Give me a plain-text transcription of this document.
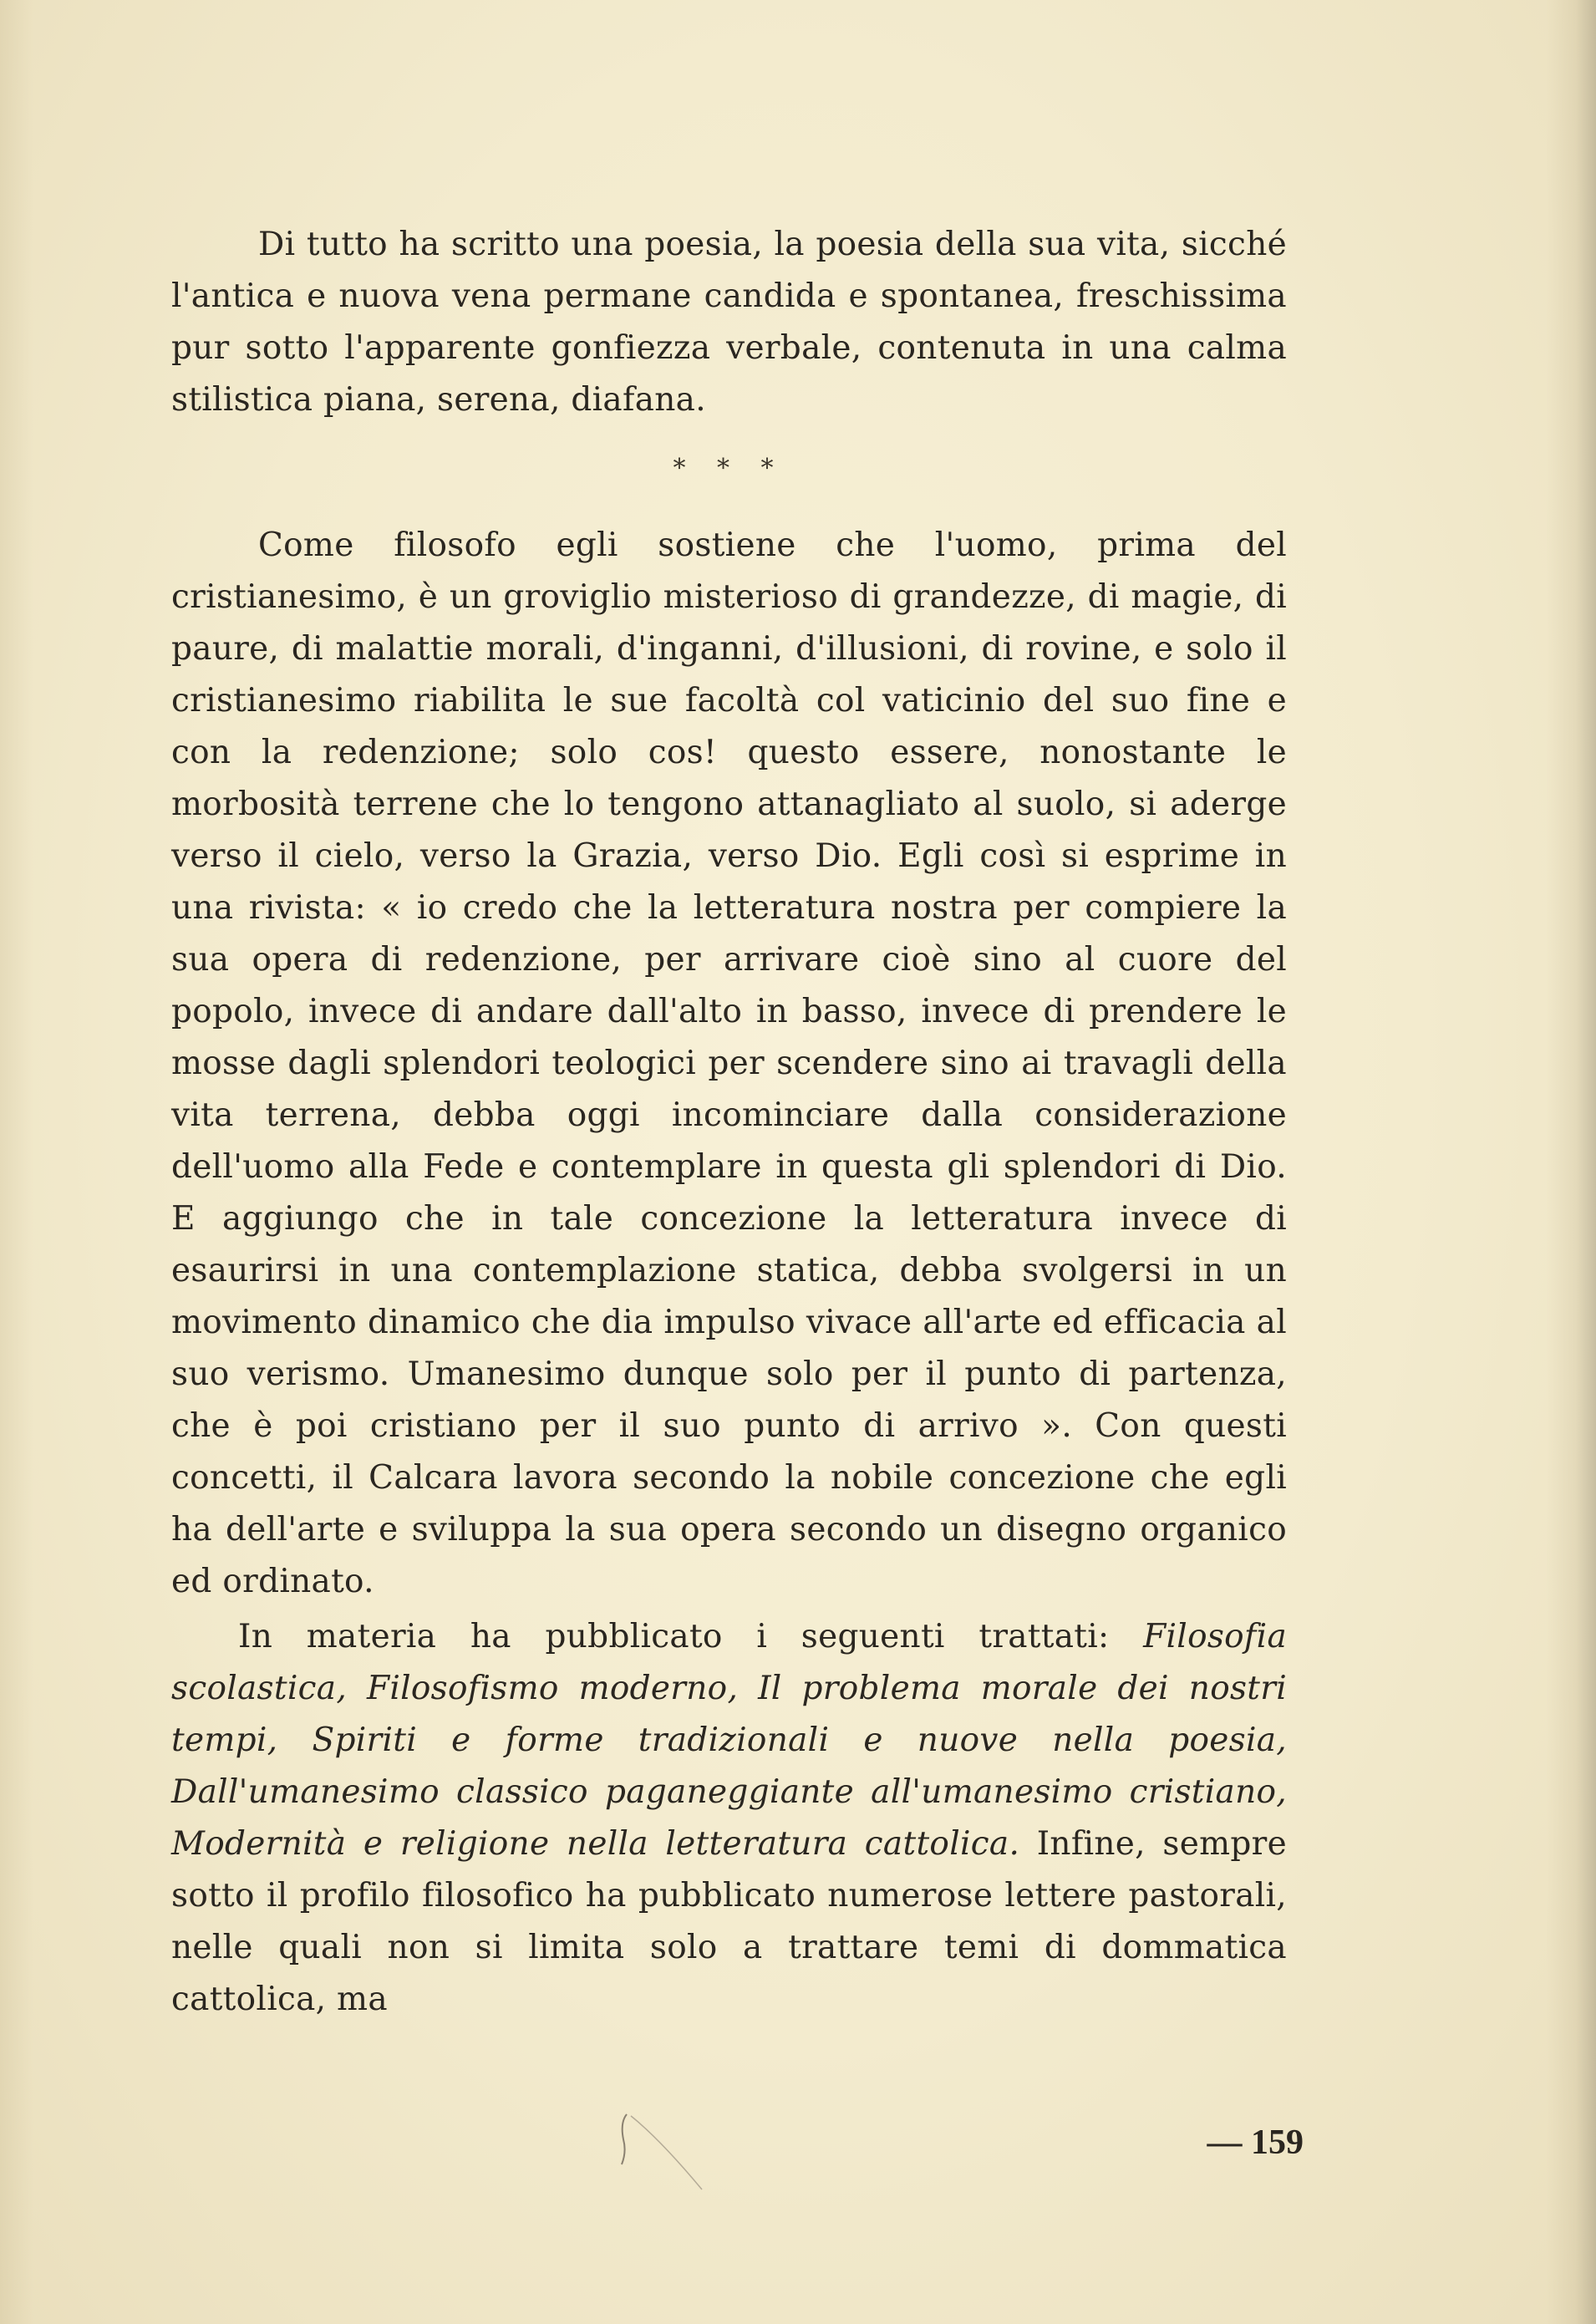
Di tutto ha scritto una poesia, la poesia della sua vita, sicché l'antica e nuova vena permane candida e spontanea, freschissima pur sotto l'apparente gonfiezza verbale, contenuta in una calma stilistica piana, serena, diafana.

* * *

Come filosofo egli sostiene che l'uomo, prima del cristianesimo, è un groviglio misterioso di grandezze, di magie, di paure, di malattie morali, d'inganni, d'illusioni, di rovine, e solo il cristianesimo riabilita le sue facoltà col vaticinio del suo fine e con la redenzione; solo cos! questo essere, nonostante le morbosità terrene che lo tengono attanagliato al suolo, si aderge verso il cielo, verso la Grazia, verso Dio. Egli così si esprime in una rivista: « io credo che la letteratura nostra per compiere la sua opera di redenzione, per arrivare cioè sino al cuore del popolo, invece di andare dall'alto in basso, invece di prendere le mosse dagli splendori teologici per scendere sino ai travagli della vita terrena, debba oggi incominciare dalla considerazione dell'uomo alla Fede e contemplare in questa gli splendori di Dio. E aggiungo che in tale concezione la letteratura invece di esaurirsi in una contemplazione statica, debba svolgersi in un movimento dinamico che dia impulso vivace all'arte ed efficacia al suo verismo. Umanesimo dunque solo per il punto di partenza, che è poi cristiano per il suo punto di arrivo ». Con questi concetti, il Calcara lavora secondo la nobile concezione che egli ha dell'arte e sviluppa la sua opera secondo un disegno organico ed ordinato.

In materia ha pubblicato i seguenti trattati: Filosofia scolastica, Filosofismo moderno, Il problema morale dei nostri tempi, Spiriti e forme tradizionali e nuove nella poesia, Dall'umanesimo classico paganeggiante all'umanesimo cristiano, Modernità e religione nella letteratura cattolica. Infine, sempre sotto il profilo filosofico ha pubblicato numerose lettere pastorali, nelle quali non si limita solo a trattare temi di dommatica cattolica, ma

— 159
